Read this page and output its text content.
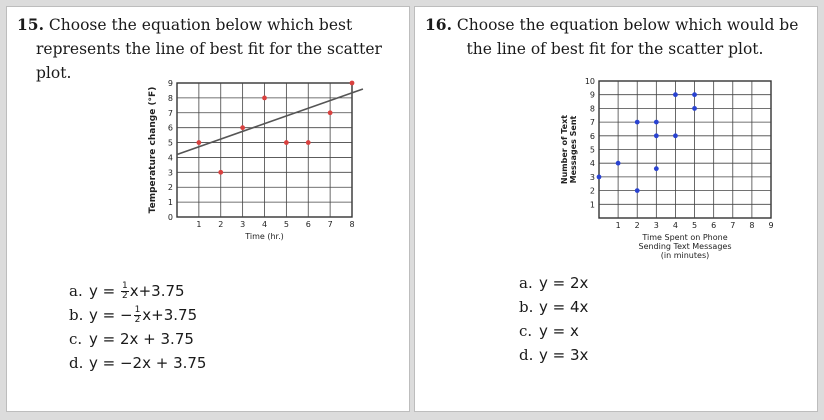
15. Choose the equation below which best
represents the line of best fit for the scatter
plot.

1 2 3 4 5 6 7 8
0
1
2
3
4
5
6
7
8
9
Time (hr.)
Temperature change (°F)
a. $y = \frac{1}{2} x+3.75$
b. y = − $\frac{1}{2} x+3.75$
c. y = 2x + 3.75
d. y = −2x + 3.75

16. Choose the equation below which would be
the line of best fit for the scatter plot.

1 2 3 4 5 6 7 8 9
1
2
3
4
5
6
7
8
9
10
Time Spent on Phone
Sending Text Messages
(in minutes)
Number of Text Messages Sent
a. y = 2x
b. y = 4x
c. y = x
d. y = 3x
